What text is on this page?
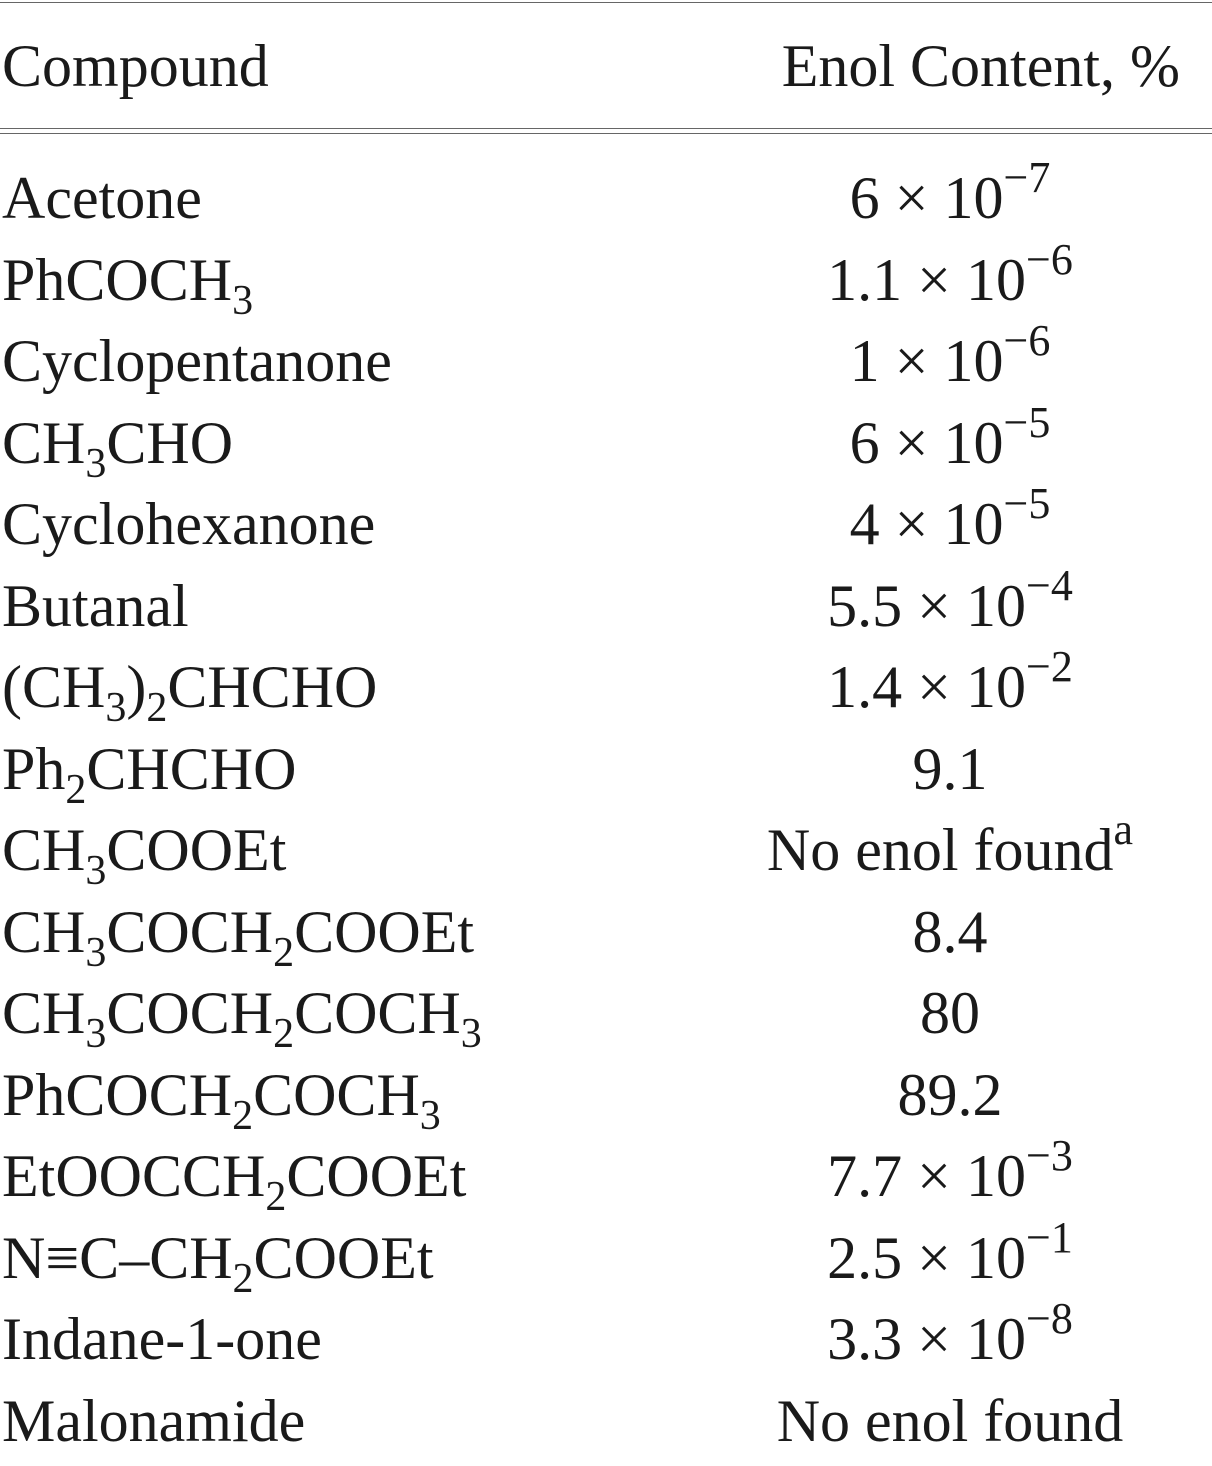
Compound	Enol Content, %
Acetone	$6 \times 10^{-7}$
PhCOCH$_3$	$1.1 \times 10^{-6}$
Cyclopentanone	$1 \times 10^{-6}$
$CH_3CHO$	$6 \times 10^{-5}$
Cyclohexanone	$4 \times 10^{-5}$
Butanal	$5.5 \times 10^{-4}$
$(CH_3)_2CHCHO$	$1.4 \times 10^{-2}$
$Ph_2CHCHO$	9.1
$CH_3COOEt$	No enol found$^a$
$CH_3COCH_2COOEt$	8.4
$CH_3COCH_2COCH_3$	80
$PhCOCH_2COCH_3$	89.2
EtOOCCH$_2$COOEt	$7.7 \times 10^{-3}$
$N\equiv C-CH_2COOEt$	$2.5 \times 10^{-1}$
Indane-1-one	$3.3 \times 10^{-8}$
Malonamide	No enol found
